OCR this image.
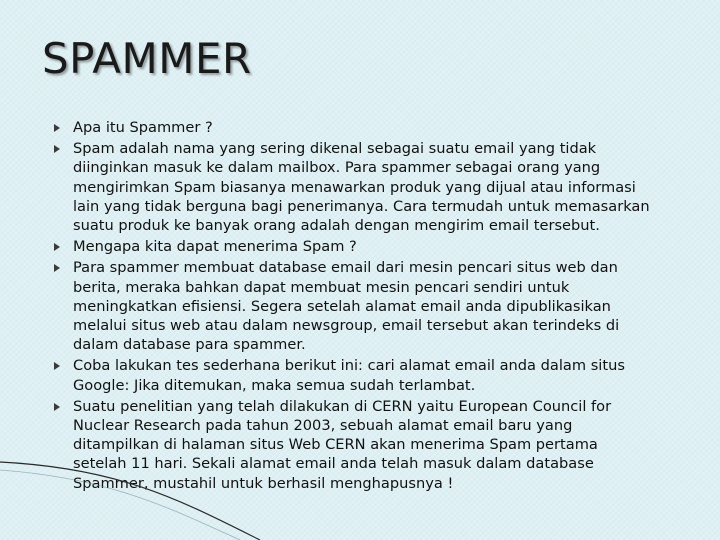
SPAMMER
Apa itu Spammer ?
Spam adalah nama yang sering dikenal sebagai suatu email yang tidak diinginkan masuk ke dalam mailbox. Para spammer sebagai orang yang mengirimkan Spam biasanya menawarkan produk yang dijual atau informasi lain yang tidak berguna bagi penerimanya. Cara termudah untuk memasarkan suatu produk ke banyak orang adalah dengan mengirim email tersebut.
Mengapa kita dapat menerima Spam ?
Para spammer membuat database email dari mesin pencari situs web dan berita, meraka bahkan dapat membuat mesin pencari sendiri untuk meningkatkan efisiensi. Segera setelah alamat email anda dipublikasikan melalui situs web atau dalam newsgroup, email tersebut akan terindeks di dalam database para spammer.
Coba lakukan tes sederhana berikut ini: cari alamat email anda dalam situs Google: Jika ditemukan, maka semua sudah terlambat.
Suatu penelitian yang telah dilakukan di CERN yaitu European Council for Nuclear Research pada tahun 2003, sebuah alamat email baru yang ditampilkan di halaman situs Web CERN akan menerima Spam pertama setelah 11 hari. Sekali alamat email anda telah masuk dalam database Spammer, mustahil untuk berhasil menghapusnya !
